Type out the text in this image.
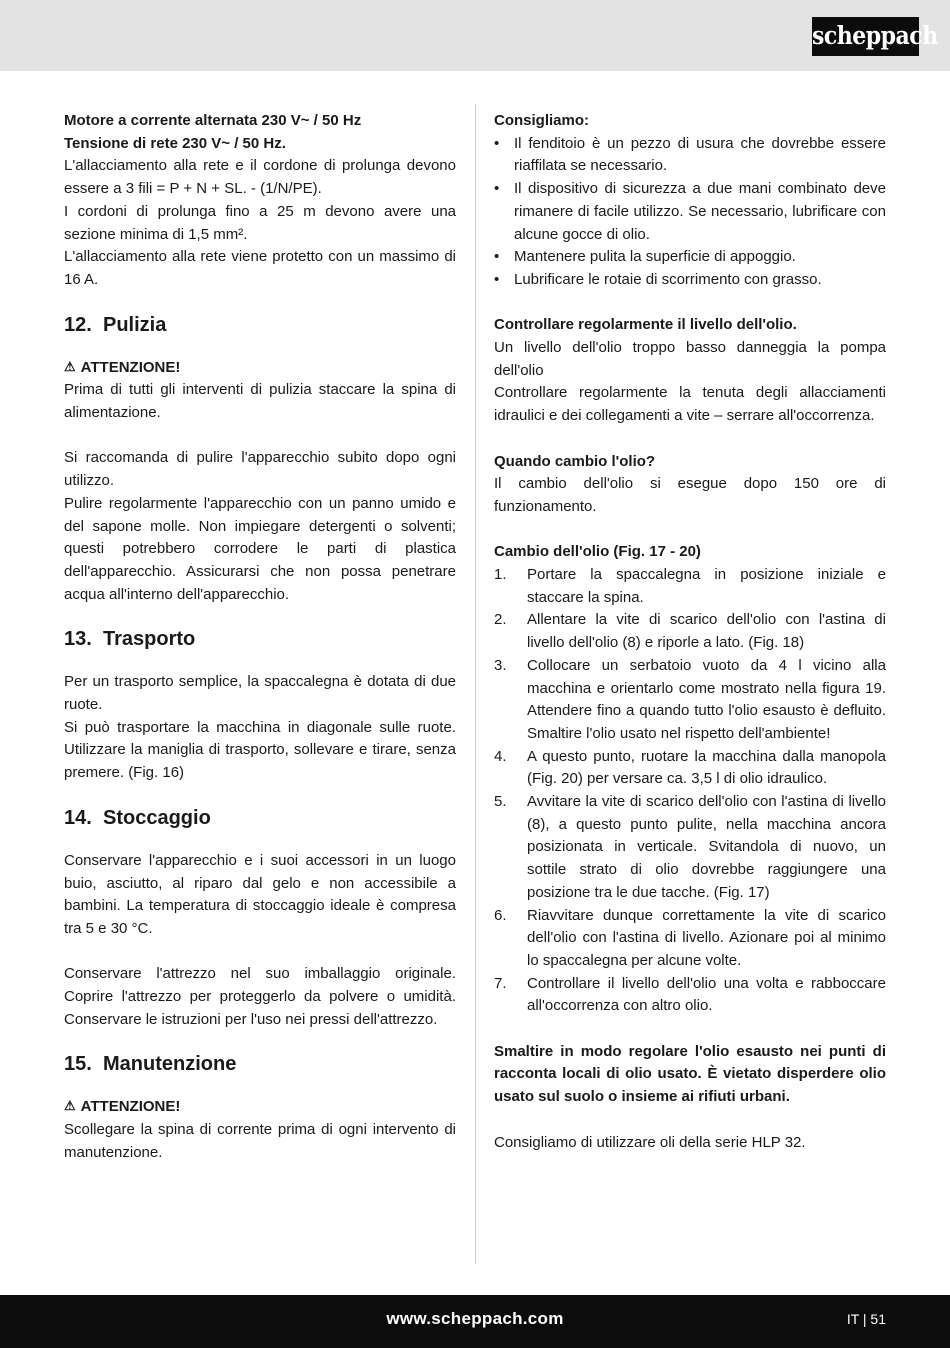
scheppach

Motore a corrente alternata 230 V~ / 50 Hz

Tensione di rete 230 V~ / 50 Hz.

L'allacciamento alla rete e il cordone di prolunga devono essere a 3 fili = P + N + SL. - (1/N/PE).

I cordoni di prolunga fino a 25 m devono avere una sezione minima di 1,5 mm².

L'allacciamento alla rete viene protetto con un massimo di 16 A.

12. Pulizia

⚠ ATTENZIONE!

Prima di tutti gli interventi di pulizia staccare la spina di alimentazione.

Si raccomanda di pulire l'apparecchio subito dopo ogni utilizzo.

Pulire regolarmente l'apparecchio con un panno umido e del sapone molle. Non impiegare detergenti o solventi; questi potrebbero corrodere le parti di plastica dell'apparecchio. Assicurarsi che non possa penetrare acqua all'interno dell'apparecchio.

13. Trasporto

Per un trasporto semplice, la spaccalegna è dotata di due ruote.

Si può trasportare la macchina in diagonale sulle ruote. Utilizzare la maniglia di trasporto, sollevare e tirare, senza premere. (Fig. 16)

14. Stoccaggio

Conservare l'apparecchio e i suoi accessori in un luogo buio, asciutto, al riparo dal gelo e non accessibile a bambini. La temperatura di stoccaggio ideale è compresa tra 5 e 30 °C.

Conservare l'attrezzo nel suo imballaggio originale. Coprire l'attrezzo per proteggerlo da polvere o umidità. Conservare le istruzioni per l'uso nei pressi dell'attrezzo.

15. Manutenzione

⚠ ATTENZIONE!

Scollegare la spina di corrente prima di ogni intervento di manutenzione.

Consigliamo:

• Il fenditoio è un pezzo di usura che dovrebbe essere riaffilata se necessario.
• Il dispositivo di sicurezza a due mani combinato deve rimanere di facile utilizzo. Se necessario, lubrificare con alcune gocce di olio.
• Mantenere pulita la superficie di appoggio.
• Lubrificare le rotaie di scorrimento con grasso.

Controllare regolarmente il livello dell'olio.

Un livello dell'olio troppo basso danneggia la pompa dell'olio

Controllare regolarmente la tenuta degli allacciamenti idraulici e dei collegamenti a vite – serrare all'occorrenza.

Quando cambio l'olio?

Il cambio dell'olio si esegue dopo 150 ore di funzionamento.

Cambio dell'olio (Fig. 17 - 20)

1. Portare la spaccalegna in posizione iniziale e staccare la spina.
2. Allentare la vite di scarico dell'olio con l'astina di livello dell'olio (8) e riporle a lato. (Fig. 18)
3. Collocare un serbatoio vuoto da 4 l vicino alla macchina e orientarlo come mostrato nella figura 19. Attendere fino a quando tutto l'olio esausto è defluito. Smaltire l'olio usato nel rispetto dell'ambiente!
4. A questo punto, ruotare la macchina dalla manopola (Fig. 20) per versare ca. 3,5 l di olio idraulico.
5. Avvitare la vite di scarico dell'olio con l'astina di livello (8), a questo punto pulite, nella macchina ancora posizionata in verticale. Svitandola di nuovo, un sottile strato di olio dovrebbe raggiungere una posizione tra le due tacche. (Fig. 17)
6. Riavvitare dunque correttamente la vite di scarico dell'olio con l'astina di livello. Azionare poi al minimo lo spaccalegna per alcune volte.
7. Controllare il livello dell'olio una volta e rabboccare all'occorrenza con altro olio.

Smaltire in modo regolare l'olio esausto nei punti di racconta locali di olio usato. È vietato disperdere olio usato sul suolo o insieme ai rifiuti urbani.

Consigliamo di utilizzare oli della serie HLP 32.

www.scheppach.com	IT | 51
